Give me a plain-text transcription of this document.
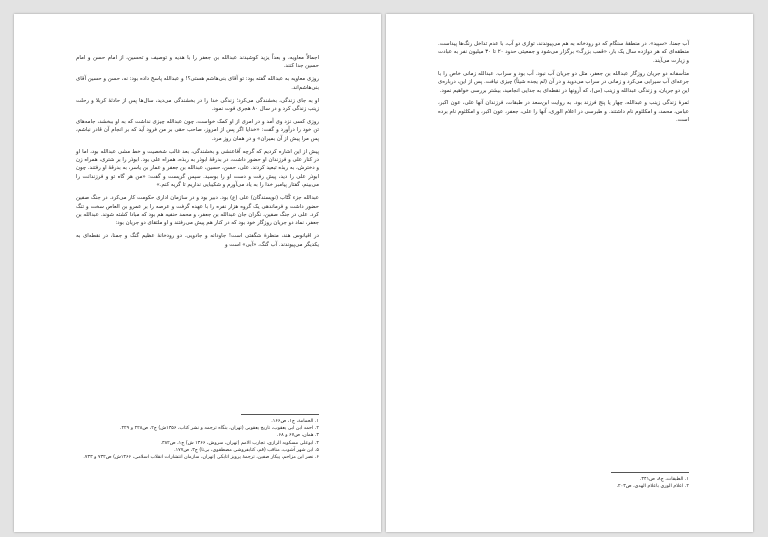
اجمالاً معاویه، و بعداً یزید کوشیدند عبدالله بن جعفر را با هدیه و توصیف و تحسین، از امام حسن و امام حسین جدا کنند.

روزی معاویه به عبدالله گفته بود: تو آقای بنی‌هاشم هستی؟! و عبدالله پاسخ داده بود: نه، حسن و حسین آقای بنی‌هاشم‌اند.

او به جای زندگی، بخشندگی می‌کرد؛ زندگی خدا را در بخشندگی می‌دید، سال‌ها پس از حادثهٔ کربلا و رحلت زینب زندگی کرد و در سال ۸۰ هجری فوت نمود.

روزی کسی نزد وی آمد و در امری از او کمک خواست، چون عبدالله چیزی نداشت که به او ببخشد، جامه‌های تن خود را درآورد و گفت: «خدایا اگر پس از امروز، صاحب حقی بر من فرود آید که بر انجام آن قادر نباشم، پس مرا پیش از آن بمیران» و در همان روز مرد.

پیش از این اشاره کردیم که گرچه آفاعنشی و بخشندگی، بعد غالب شخصیت و خط مشی عبدالله بود، اما او در کنار علی و فرزندان او حضور داشت، در بدرقهٔ ابوذر به ربذه، همراه علی بود. ابوذر را بر شتری، همراه زن و دخترش، به ربذه تبعید کردند. علی، حسن، حسین، عبدالله بن جعفر و عمار بن یاسر، به بدرقهٔ او رفتند. چون ابوذر علی را دید، پیش رفت و دست او را بوسید. سپس گریست و گفت: «من هر گاه تو و فرزندانت را می‌بینم، گفتار پیامبر خدا را به یاد می‌آورم و شکیبایی نداریم تا گریه کنم.»

عبدالله جزء کُتّاب (نویسندگان) علی (ع) بود. دبیر بود و در سازمان اداری حکومت کار می‌کرد. در جنگ صفین حضور داشت و فرماندهی یک گروه هزار نفره را با عهده گرفت و عرصه را بر عمرو بن العاص سخت و تنگ کرد. علی در جنگ صفین، نگران جان عبدالله بن جعفر، و محمد حنفیه هم بود که مبادا کشته شوند. عبدالله بن جعفر، نماد دو جریان روزگار خود بود که در کنار هم پیش می‌رفتند و او ملتقای دو جریان بود:

در اقیانوس هند، منظرهٔ شگفتی است! جاودانه و جادویی. دو رودخانهٔ عظیم گنگ و جمنا، در نقطه‌ای به یکدیگر می‌پیوندند. آب گنگ، «آبی» است و

۱. الحمامة، ج۱، ص۱۶۶.

۲. احمد ابن ابی یعقوب، تاریخ یعقوبی (تهران، بنگاه ترجمه و نشر کتاب، ۱۳۵۶ش) ج۲، ص۲۲۸ و ۲۲۹.

۳. همان، ص۶۷ و ۶۸.

۴. ابوعلی مسکویه الرازی، تجارب الامم (تهران، سروش، ۱۳۶۶ ش) ج۱، ص۳۸۲.

۵. ابن شهر آشوب، مناقب (قم، کتابفروشی مصطفوی، بی‌تا) ج۳، ص۱۷۷.

۶. نصر ابن مزاحم، پیکار صفین، ترجمهٔ پرویز اتابکی (تهران، سازمان انتشارات انقلاب اسلامی، ۱۳۶۶ش) ص۷۳۲ و ۷۳۳.

آب جمنا، «سپید». در منطقهٔ سنگام که دو رودخانه به هم می‌پیوندند، توازی دو آب، با عدم تداخل رنگ‌ها پیداست. منطقه‌ای که هر دوازده سال یک بار، «قمب بزرگ» برگزار می‌شود و جمعیتی حدود ۲۰ تا ۳۰ میلیون نفر به عبادت و زیارت می‌آیند.

متأسفانه دو جریان روزگار عبدالله بن جعفر، مثل دو جریان آب نبود. آب بود و سراب. عبدالله زمانی خاص را با جرعه‌ای آب سیرابی می‌کرد و زمانی در سراب می‌دوید و در آن (لم یجده شیئاً) چیزی نیافت. پس از این، درباره‌ی این دو جریان، و زندگی عبدالله و زینب (س)، که آرونها در نقطه‌ای به جدایی انجامید، بیشتر بررسی خواهیم نمود.

ثمرهٔ زندگی زینب و عبدالله، چهار یا پنج فرزند بود. به روایت ابن‌سعد در طبقات، فرزندان آنها علی، عون اکبر، عباس، محمد، و امکلثوم نام داشتند. و طبرسی در اعلام الوری، آنها را علی، جعفر، عون اکبر، و امکلثوم نام برده است.

۱. الطبقات، ج۸، ص۳۴۱.

۲. اعلام الوری باعلام الهدی، ص۲۰۳.
